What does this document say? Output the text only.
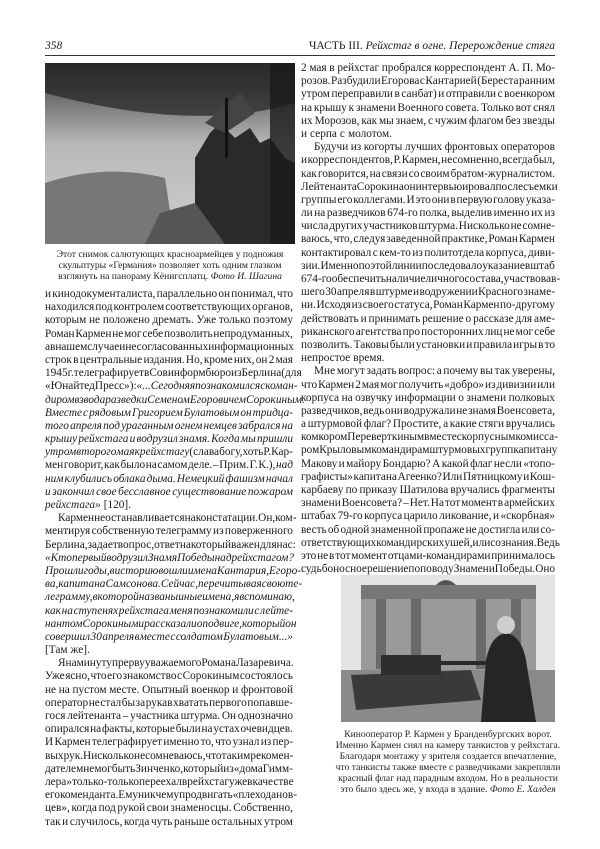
358	ЧАСТЬ III. Рейхстаг в огне. Перерождение стяга
Этот снимок салютующих красноармейцев у подножия
скульптуры «Германия» позволяет хоть одним глазком
взглянуть на панораму Кёнигсплатц. Фото И. Шагина
Кинооператор Р. Кармен у Бранденбургских ворот.
Именно Кармен снял на камеру танкистов у рейхстага.
Благодаря монтажу у зрителя создается впечатление,
что танкисты также вместе с разведчиками закрепляли
красный флаг над парадным входом. Но в реальности
это было здесь же, у входа в здание. Фото Е. Халдея
и кинодокументалиста, параллельно он понимал, что
находился под контролем соответствующих органов,
которым не положено дремать. Уже только поэтому
Роман Кармен не мог себе позволить непродуманных,
а в нашем случае и несогласованных информационных
строк в центральные издания. Но, кроме них, он 2 мая
1945 г. телеграфирует в Совинформбюро из Берлина (для
«Юнайтед Пресс»): «...Сегодня я познакомился с коман-
диром взвода разведки Семеном Егоровичем Сорокиным.
Вместе с рядовым Григорием Булатовым он тридца-
того апреля под ураганным огнем немцев забрался на
крышу рейхстага и водрузил знамя. Когда мы пришли
утром второго мая к рейхстагу (слава богу, хоть Р. Кар-
мен говорит, как было на самом деле. – Прим. Г. К.), над
ним клубились облака дыма. Немецкий фашизм начал
и закончил свое бесславное существование пожаром
рейхстага» [120].
Кармен не останавливается на констатации. Он, ком-
ментируя собственную телеграмму из поверженного
Берлина, задает вопрос, ответ на который важен для нас:
«Кто первый водрузил Знамя Победы над рейхстагом?
Прошли годы, в историю вошли имена Кантария, Егоро-
ва, капитана Самсонова. Сейчас, перечитывая свою те-
леграмму, в которой названы иные имена, я вспоминаю,
как на ступенях рейхстага меня познакомили с лейте-
нантом Сорокиным и рассказали о подвиге, который он
совершил 30 апреля вместе с солдатом Булатовым...»
[Там же].
Я на минуту прерву уважаемого Романа Лазаревича.
Уже ясно, что его знакомство с Сорокиным состоялось
не на пустом месте. Опытный военкор и фронтовой
оператор не стал бы за рукав хватать первого попавше-
гося лейтенанта – участника штурма. Он однозначно
опирался на факты, которые были на устах очевидцев.
И Кармен телеграфирует именно то, что узнал из пер-
вых рук. Нисколько не сомневаюсь, что таким рекомен-
дателем не мог быть Зинченко, который из «дома Гимм-
лера» только-только переехал в рейхстаг уже в качестве
его коменданта. Ему ни к чему продвигать «плеходанов-
цев», когда под рукой свои знаменосцы. Собственно,
так и случилось, когда чуть раньше остальных утром
2 мая в рейхстаг пробрался корреспондент А. П. Мо-
розов. Разбудили Егорова с Кантарией (Береста ранним
утром переправили в санбат) и отправили с военкором
на крышу к знамени Военного совета. Только вот снял
их Морозов, как мы знаем, с чужим флагом без звезды
и серпа с молотом.
Будучи из когорты лучших фронтовых операторов
и корреспондентов, Р. Кармен, несомненно, всегда был,
как говорится, на связи со своим братом-журналистом.
Лейтенанта Сорокина он интервьюировал после съемки
группы его коллегами. И это они в первую голову указа-
ли на разведчиков 674-го полка, выделив именно их из
числа других участников штурма. Нисколько не сомне-
ваюсь, что, следуя заведенной практике, Роман Кармен
контактировал с кем-то из политотдела корпуса, диви-
зии. Именно по этой линии последовало указание в штаб
674-го обеспечить наличие личного состава, участвовав-
шего 30 апреля в штурме и водружении Красного знаме-
ни. Исходя из своего статуса, Роман Кармен по-другому
действовать и принимать решение о рассказе для аме-
риканского агентства про посторонних лиц не мог себе
позволить. Таковы были установки и правила игры в то
непростое время.
Мне могут задать вопрос: а почему вы так уверены,
что Кармен 2 мая мог получить «добро» из дивизии или
корпуса на озвучку информации о знамени полковых
разведчиков, ведь они водружали не знамя Военсовета,
а штурмовой флаг? Простите, а какие стяги вручались
комкором Переверткиным вместе с корпусным комисса-
ром Крыловым командирам штурмовых групп капитану
Макову и майору Бондарю? А какой флаг несли «топо-
графисты» капитана Агеенко? Или Пятницкому и Кош-
карбаеву по приказу Шатилова вручались фрагменты
знамени Военсовета? – Нет. На тот момент в армейских
штабах 79-го корпуса царило ликование, и «скорбная»
весть об одной знаменной пропаже не достигла или со-
ответствующих командирских ушей, или сознания. Ведь
это не в тот момент отцами-командирами принималось
судьбоносное решение по поводу Знамени Победы. Оно
